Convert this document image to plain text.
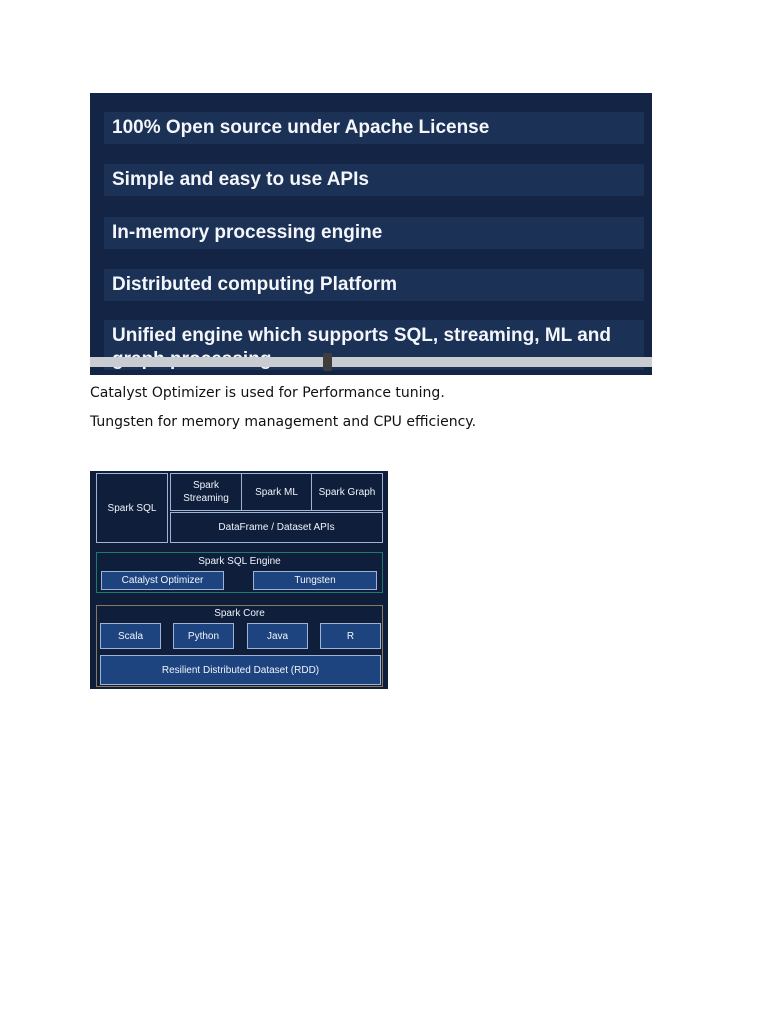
100% Open source under Apache License
Simple and easy to use APIs
In-memory processing engine
Distributed computing Platform
Unified engine which supports SQL, streaming, ML and
Catalyst Optimizer is used for Performance tuning.
Tungsten for memory management and CPU efficiency.
Spark SQL
Spark Streaming
Spark ML	Spark Graph
DataFrame / Dataset APIs
Spark SQL Engine
Catalyst Optimizer	Tungsten
Spark Core
Scala	Python	Java	R
Resilient Distributed Dataset (RDD)
